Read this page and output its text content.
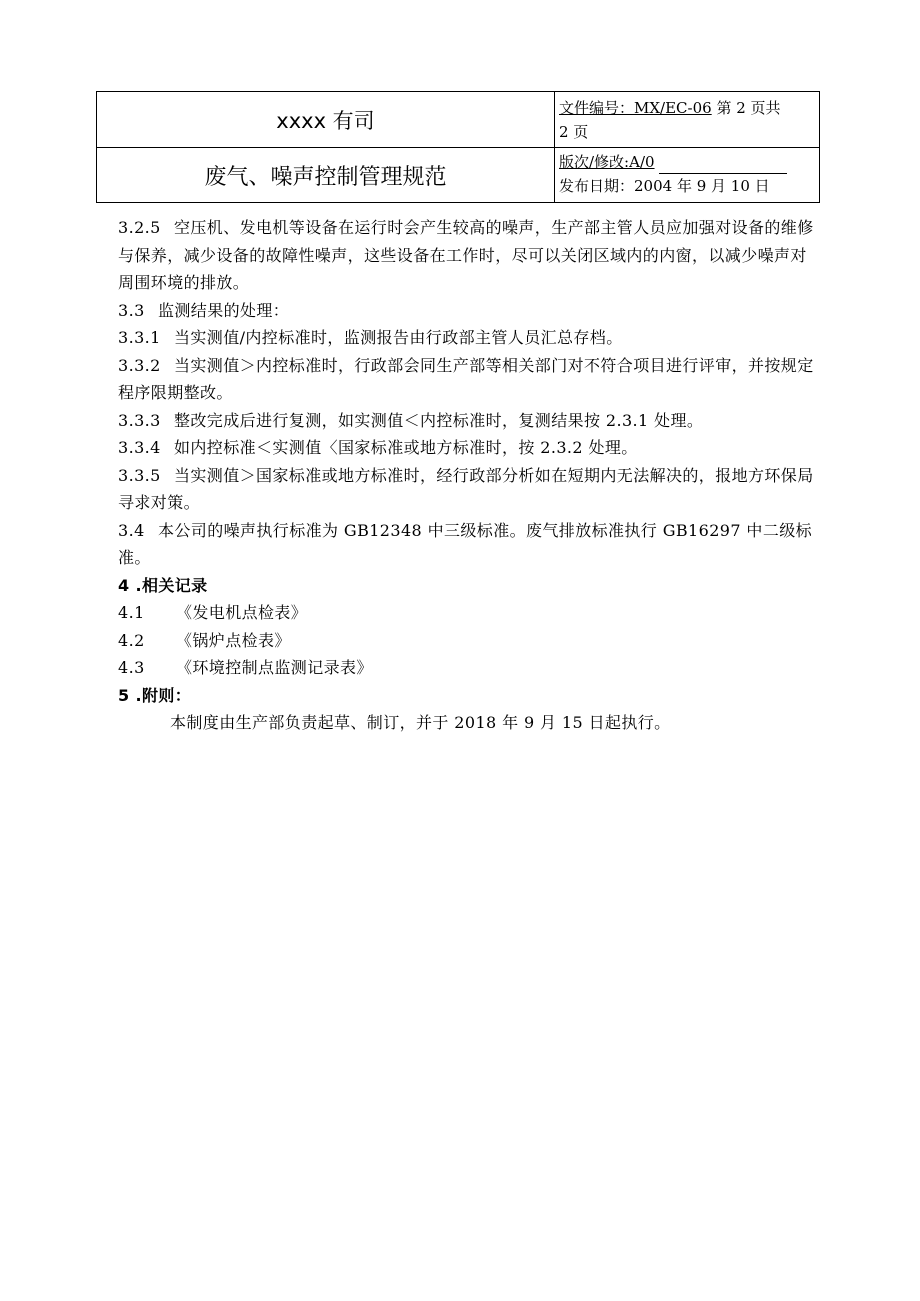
xxxx 有司
废气、噪声控制管理规范
文件编号：MX/EC-06 第 2 页共
2 页
版次/修改:A/0
发布日期：2004 年 9 月 10 日

3.2.5 空压机、发电机等设备在运行时会产生较高的噪声，生产部主管人员应加强对设备的维修与保养，减少设备的故障性噪声，这些设备在工作时，尽可以关闭区域内的内窗，以减少噪声对周围环境的排放。

3.3 监测结果的处理：

3.3.1 当实测值/内控标准时，监测报告由行政部主管人员汇总存档。

3.3.2 当实测值＞内控标准时，行政部会同生产部等相关部门对不符合项目进行评审，并按规定程序限期整改。

3.3.3 整改完成后进行复测，如实测值＜内控标准时，复测结果按 2.3.1 处理。

3.3.4 如内控标准＜实测值〈国家标准或地方标准时，按 2.3.2 处理。

3.3.5 当实测值＞国家标准或地方标准时，经行政部分析如在短期内无法解决的，报地方环保局寻求对策。

3.4 本公司的噪声执行标准为 GB12348 中三级标准。废气排放标准执行 GB16297 中二级标准。

4 .相关记录

4.1 《发电机点检表》

4.2 《锅炉点检表》

4.3 《环境控制点监测记录表》

5 .附则：

本制度由生产部负责起草、制订，并于 2018 年 9 月 15 日起执行。
